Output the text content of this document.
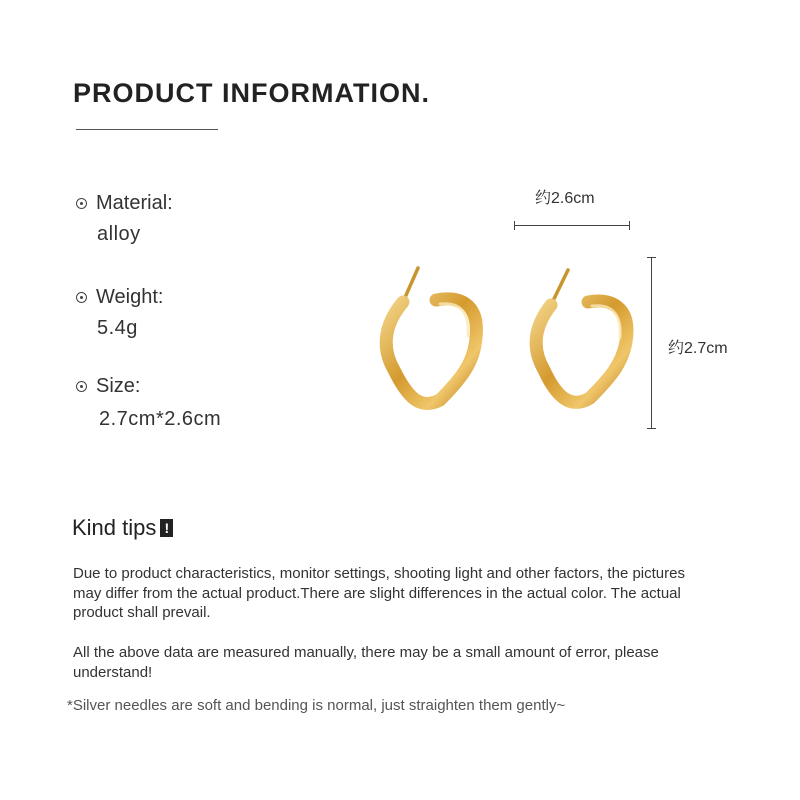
PRODUCT INFORMATION.
Material:
alloy
Weight:
5.4g
Size:
2.7cm*2.6cm
约2.6cm
约2.7cm
Kind tips !
Due to product characteristics, monitor settings, shooting light and other factors, the pictures may differ from the actual product.There are slight differences in the actual color. The actual product shall prevail.
All the above data are measured manually, there may be a small amount of error, please understand!
*Silver needles are soft and bending is normal, just straighten them gently~
